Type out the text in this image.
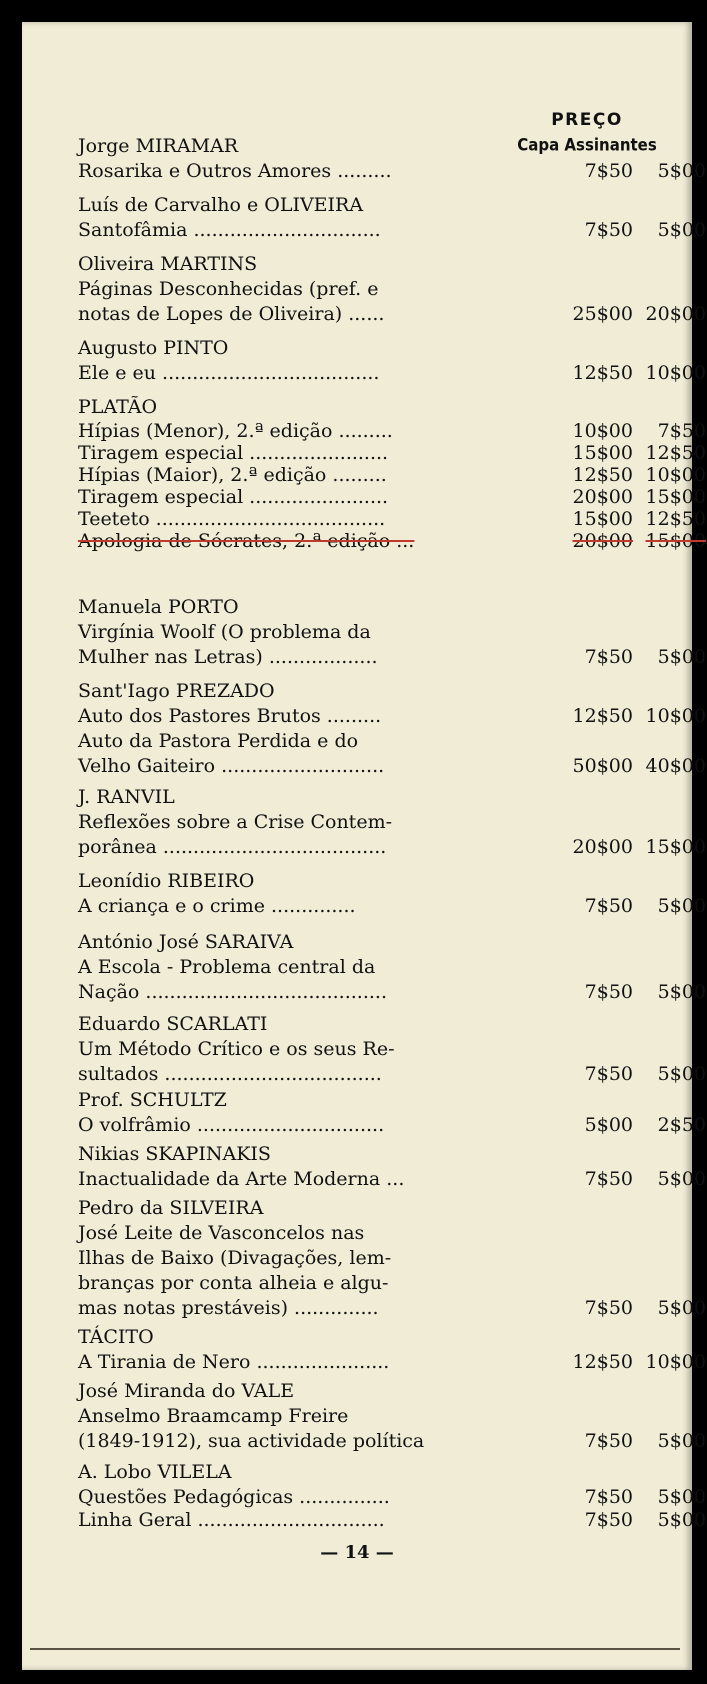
PREÇO
Capa Assinantes
Jorge MIRAMAR
Rosarika e Outros Amores .........	7$50	5$00
Luís de Carvalho e OLIVEIRA
Santofâmia ...............................	7$50	5$00
Oliveira MARTINS
Páginas Desconhecidas (pref. e
notas de Lopes de Oliveira) ......	25$00 20$00
Augusto PINTO
Ele e eu ....................................	12$50 10$00
PLATÃO
Hípias (Menor), 2.ª edição .........	10$00	7$50
Tiragem especial .......................	15$00 12$50
Hípias (Maior), 2.ª edição .........	12$50 10$00
Tiragem especial .......................	20$00 15$00
Teeteto ......................................	15$00 12$50
Apologia de Sócrates, 2.ª edição ...	20$00 15$00
Manuela PORTO
Virgínia Woolf (O problema da
Mulher nas Letras) ..................	7$50	5$00
Sant'Iago PREZADO
Auto dos Pastores Brutos .........	12$50 10$00
Auto da Pastora Perdida e do
Velho Gaiteiro ...........................	50$00 40$00
J. RANVIL
Reflexões sobre a Crise Contem-
porânea .....................................	20$00 15$00
Leonídio RIBEIRO
A criança e o crime ..............	7$50	5$00
António José SARAIVA
A Escola - Problema central da
Nação ........................................	7$50	5$00
Eduardo SCARLATI
Um Método Crítico e os seus Re-
sultados ....................................	7$50	5$00
Prof. SCHULTZ
O volfrâmio ...............................	5$00	2$50
Nikias SKAPINAKIS
Inactualidade da Arte Moderna ...	7$50	5$00
Pedro da SILVEIRA
José Leite de Vasconcelos nas
Ilhas de Baixo (Divagações, lem-
branças por conta alheia e algu-
mas notas prestáveis) ..............	7$50	5$00
TÁCITO
A Tirania de Nero ......................	12$50 10$00
José Miranda do VALE
Anselmo Braamcamp Freire
(1849-1912), sua actividade política	7$50	5$00
A. Lobo VILELA
Questões Pedagógicas ...............	7$50	5$00
Linha Geral ...............................	7$50	5$00
— 14 —
